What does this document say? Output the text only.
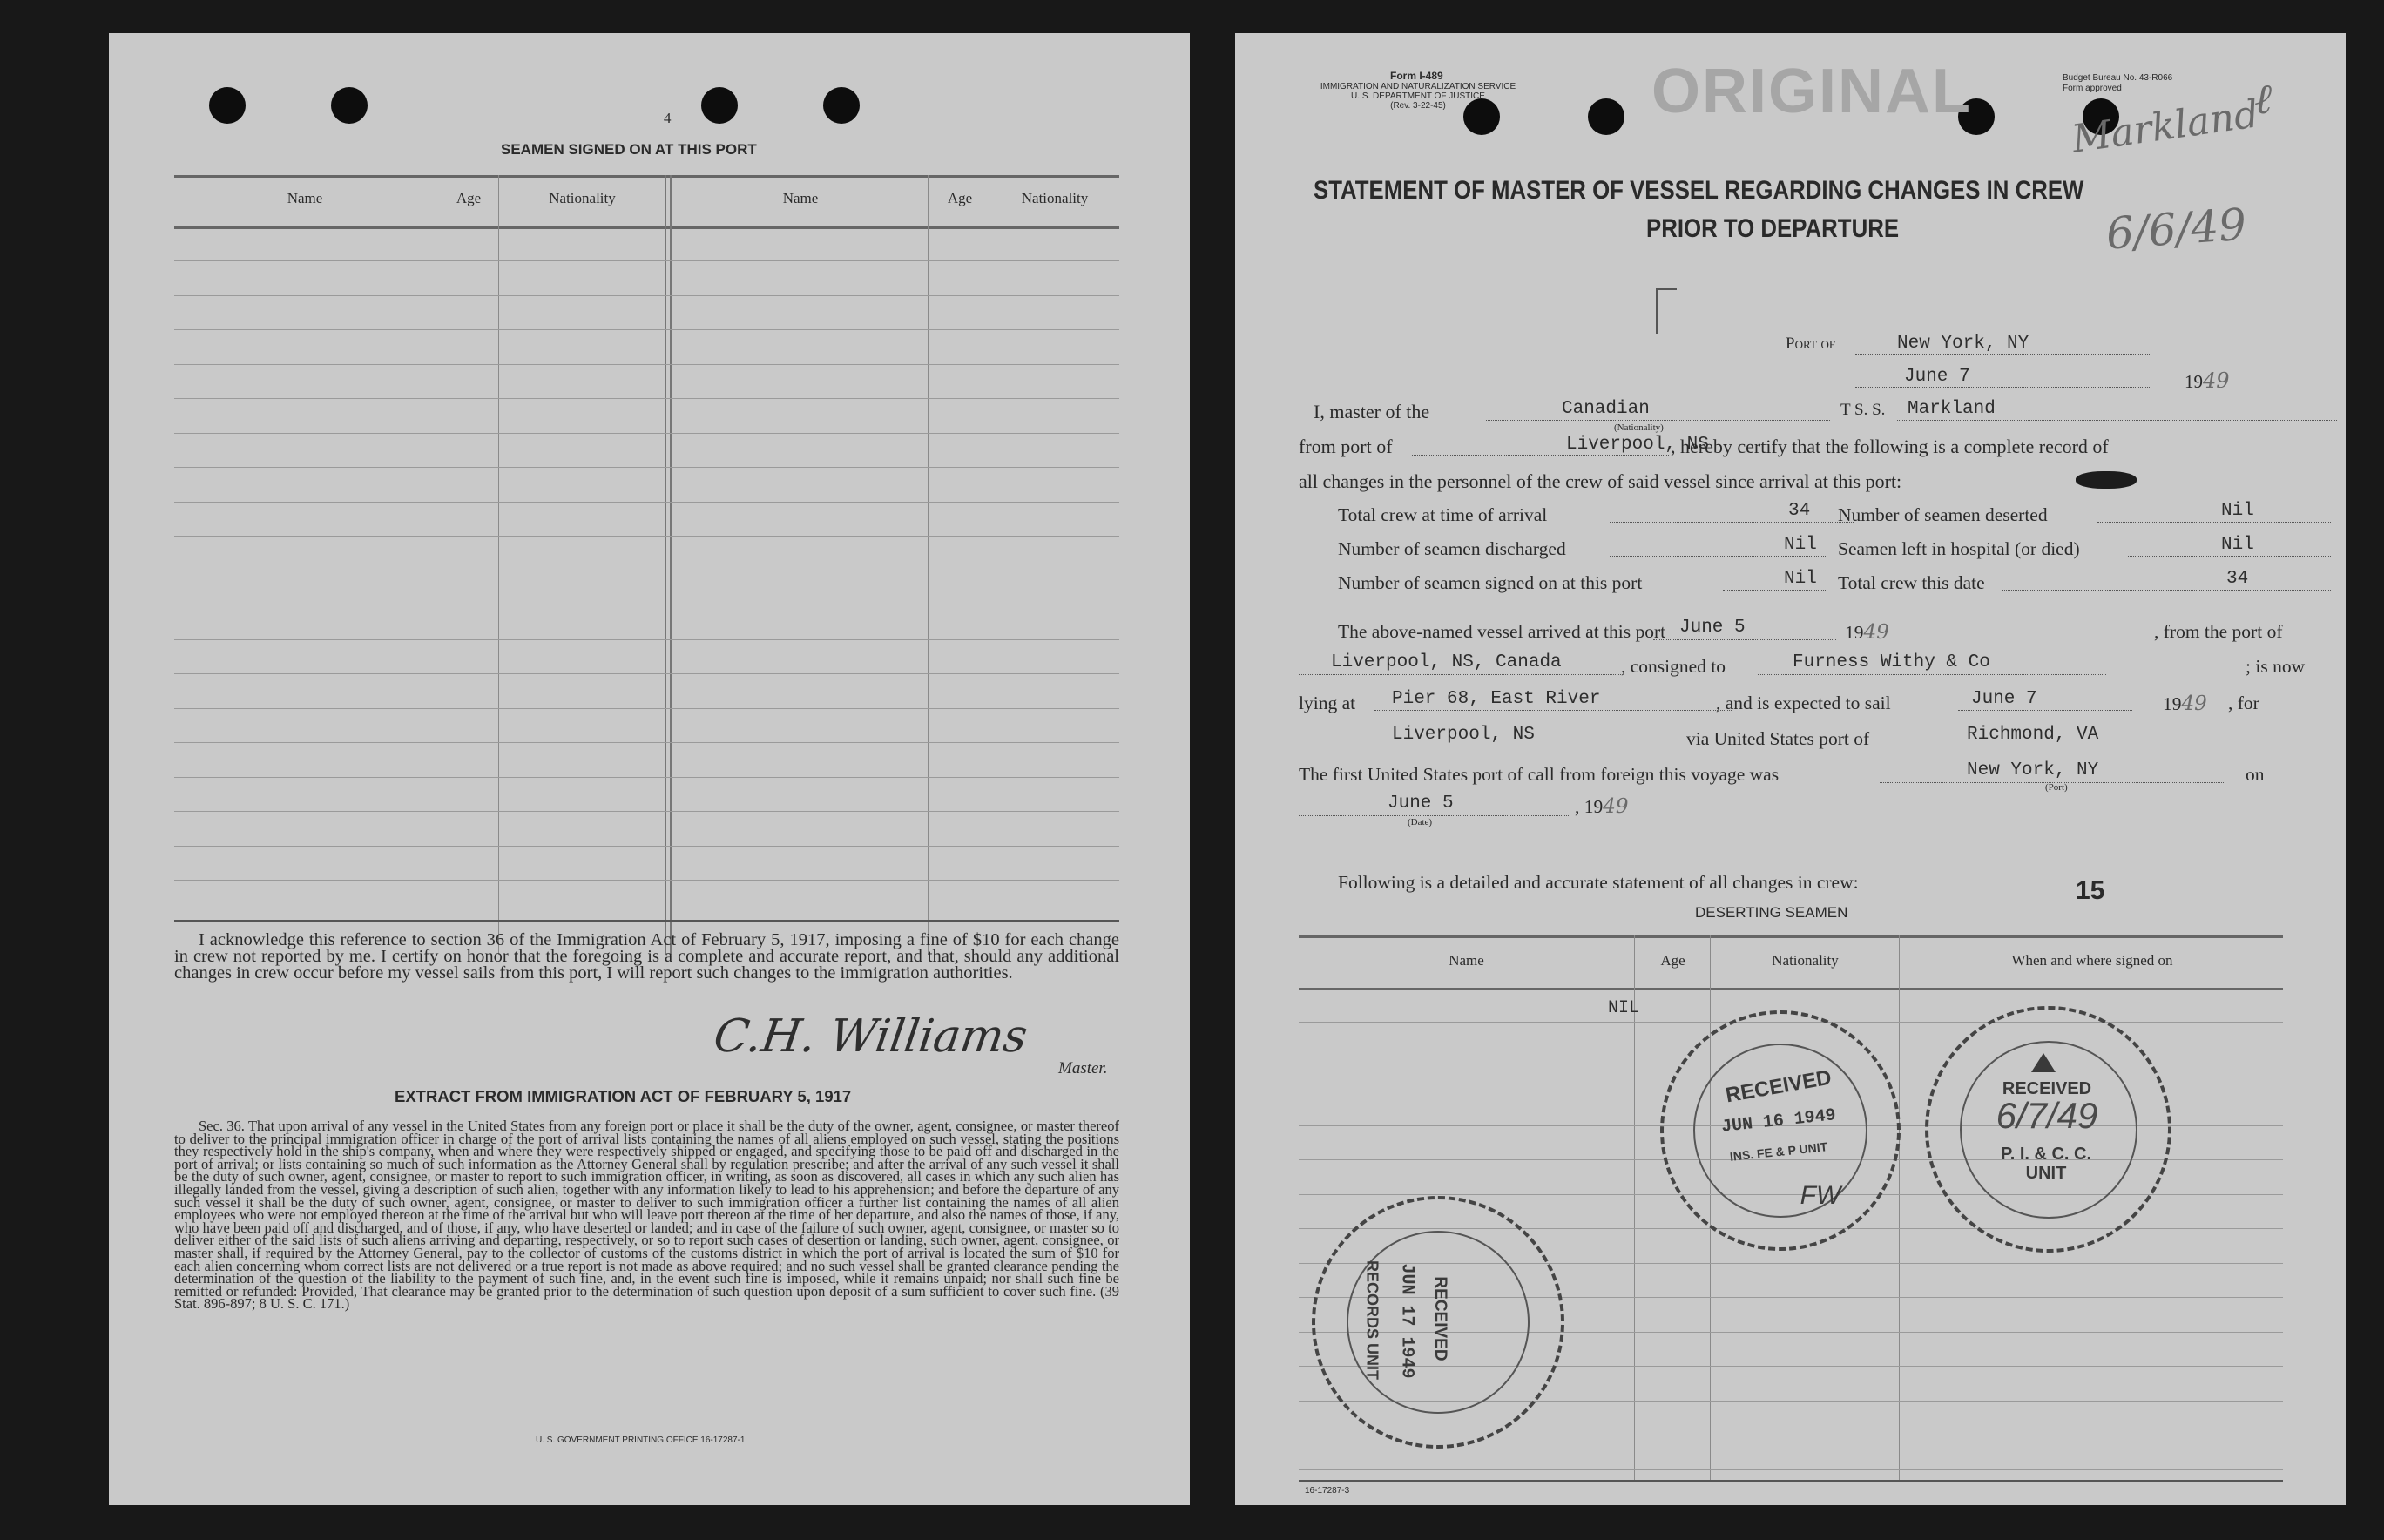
4
SEAMEN SIGNED ON AT THIS PORT
Name	Age	Nationality	Name	Age	Nationality
I acknowledge this reference to section 36 of the Immigration Act of February 5, 1917, imposing a fine of $10 for each change in crew not reported by me. I certify on honor that the foregoing is a complete and accurate report, and that, should any additional changes in crew occur before my vessel sails from this port, I will report such changes to the immigration authorities.
C.H. Williams
Master.
EXTRACT FROM IMMIGRATION ACT OF FEBRUARY 5, 1917
Sec. 36. That upon arrival of any vessel in the United States from any foreign port or place it shall be the duty of the owner, agent, consignee, or master thereof to deliver to the principal immigration officer in charge of the port of arrival lists containing the names of all aliens employed on such vessel, stating the positions they respectively hold in the ship's company, when and where they were respectively shipped or engaged, and specifying those to be paid off and discharged in the port of arrival; or lists containing so much of such information as the Attorney General shall by regulation prescribe; and after the arrival of any such vessel it shall be the duty of such owner, agent, consignee, or master to report to such immigration officer, in writing, as soon as discovered, all cases in which any such alien has illegally landed from the vessel, giving a description of such alien, together with any information likely to lead to his apprehension; and before the departure of any such vessel it shall be the duty of such owner, agent, consignee, or master to deliver to such immigration officer a further list containing the names of all alien employees who were not employed thereon at the time of the arrival but who will leave port thereon at the time of her departure, and also the names of those, if any, who have been paid off and discharged, and of those, if any, who have deserted or landed; and in case of the failure of such owner, agent, consignee, or master so to deliver either of the said lists of such aliens arriving and departing, respectively, or so to report such cases of desertion or landing, such owner, agent, consignee, or master shall, if required by the Attorney General, pay to the collector of customs of the customs district in which the port of arrival is located the sum of $10 for each alien concerning whom correct lists are not delivered or a true report is not made as above required; and no such vessel shall be granted clearance pending the determination of the question of the liability to the payment of such fine, and, in the event such fine is imposed, while it remains unpaid; nor shall such fine be remitted or refunded: Provided, That clearance may be granted prior to the determination of such question upon deposit of a sum sufficient to cover such fine. (39 Stat. 896-897; 8 U. S. C. 171.)
U. S. GOVERNMENT PRINTING OFFICE 16-17287-1
Form I-489
IMMIGRATION AND NATURALIZATION SERVICE
U. S. DEPARTMENT OF JUSTICE
(Rev. 3-22-45)	ORIGINAL	Budget Bureau No. 43-R066
Form approved
Markland
ℓ
6/6/49
STATEMENT OF MASTER OF VESSEL REGARDING CHANGES IN CREW
PRIOR TO DEPARTURE
Port of	New York, NY
June 7	1949
I, master of the	Canadian
(Nationality)
T S. S. Markland
from port of	Liverpool, NS
, hereby certify that the following is a complete record of
all changes in the personnel of the crew of said vessel since arrival at this port:
Total crew at time of arrival	34 Number of seamen deserted	Nil
Number of seamen discharged	Nil Seamen left in hospital (or died)	Nil
Number of seamen signed on at this port	Nil Total crew this date	34
The above-named vessel arrived at this port June 5	1949	, from the port of
Liverpool, NS, Canada	, consigned to	Furness Withy & Co	; is now
lying at Pier 68, East River	, and is expected to sail	June 7	1949 , for
Liverpool, NS	via United States port of	Richmond, VA
The first United States port of call from foreign this voyage was	New York, NY
(Port)
on
June 5
(Date)
, 1949
Following is a detailed and accurate statement of all changes in crew:	15
DESERTING SEAMEN
Name	Age	Nationality	When and where signed on
NIL
16-17287-3
RECEIVED
JUN 16 1949
INS. FE & P UNIT
FW
RECEIVED
6/7/49
P. I. & C. C. UNIT
RECEIVED
JUN 17 1949
RECORDS UNIT
